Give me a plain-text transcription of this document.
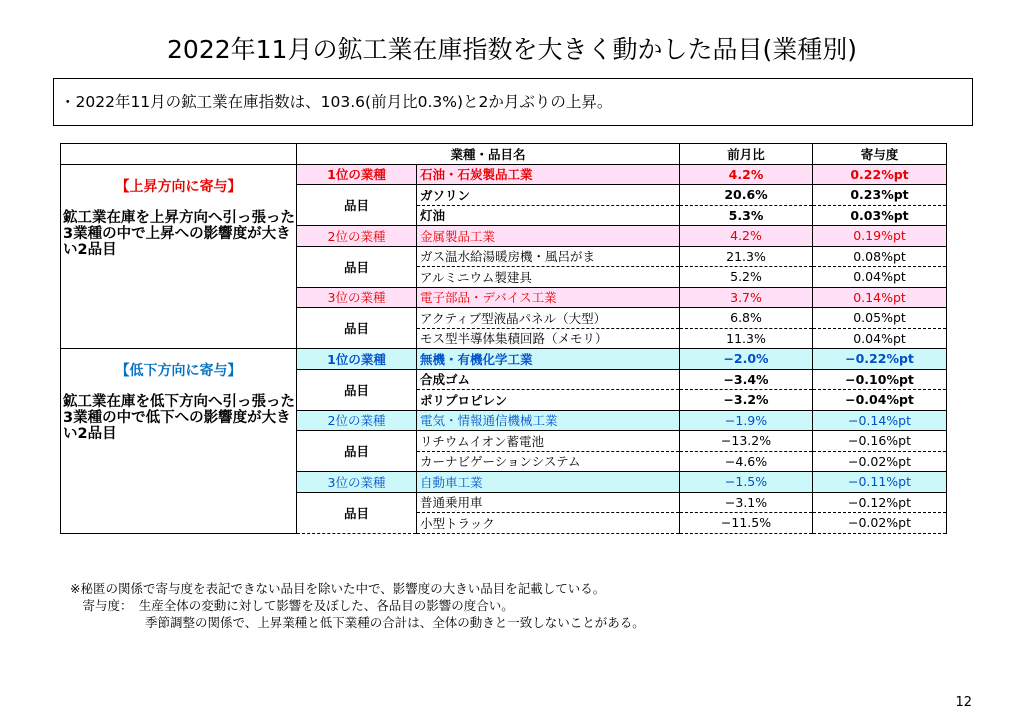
2022年11月の鉱工業在庫指数を大きく動かした品目(業種別)
・2022年11月の鉱工業在庫指数は、103.6(前月比0.3%)と2か月ぶりの上昇。
	業種・品目名		前月比	寄与度

【上昇方向に寄与】
鉱工業在庫を上昇方向へ引っ張った3業種の中で上昇への影響度が大きい2品目	1位の業種	石油・石炭製品工業	4.2%	0.22%pt
	品目	ガソリン	20.6%	0.23%pt
		灯油	5.3%	0.03%pt
	2位の業種	金属製品工業	4.2%	0.19%pt
	品目	ガス温水給湯暖房機・風呂がま	21.3%	0.08%pt
		アルミニウム製建具	5.2%	0.04%pt
	3位の業種	電子部品・デバイス工業	3.7%	0.14%pt
	品目	アクティブ型液晶パネル（大型）	6.8%	0.05%pt
		モス型半導体集積回路（メモリ）	11.3%	0.04%pt

【低下方向に寄与】
鉱工業在庫を低下方向へ引っ張った3業種の中で低下への影響度が大きい2品目	1位の業種	無機・有機化学工業	−2.0%	−0.22%pt
	品目	合成ゴム	−3.4%	−0.10%pt
		ポリプロピレン	−3.2%	−0.04%pt
	2位の業種	電気・情報通信機械工業	−1.9%	−0.14%pt
	品目	リチウムイオン蓄電池	−13.2%	−0.16%pt
		カーナビゲーションシステム	−4.6%	−0.02%pt
	3位の業種	自動車工業	−1.5%	−0.11%pt
	品目	普通乗用車	−3.1%	−0.12%pt
		小型トラック	−11.5%	−0.02%pt
※秘匿の関係で寄与度を表記できない品目を除いた中で、影響度の大きい品目を記載している。
　寄与度：　生産全体の変動に対して影響を及ぼした、各品目の影響の度合い。
　　　　　　季節調整の関係で、上昇業種と低下業種の合計は、全体の動きと一致しないことがある。
12
